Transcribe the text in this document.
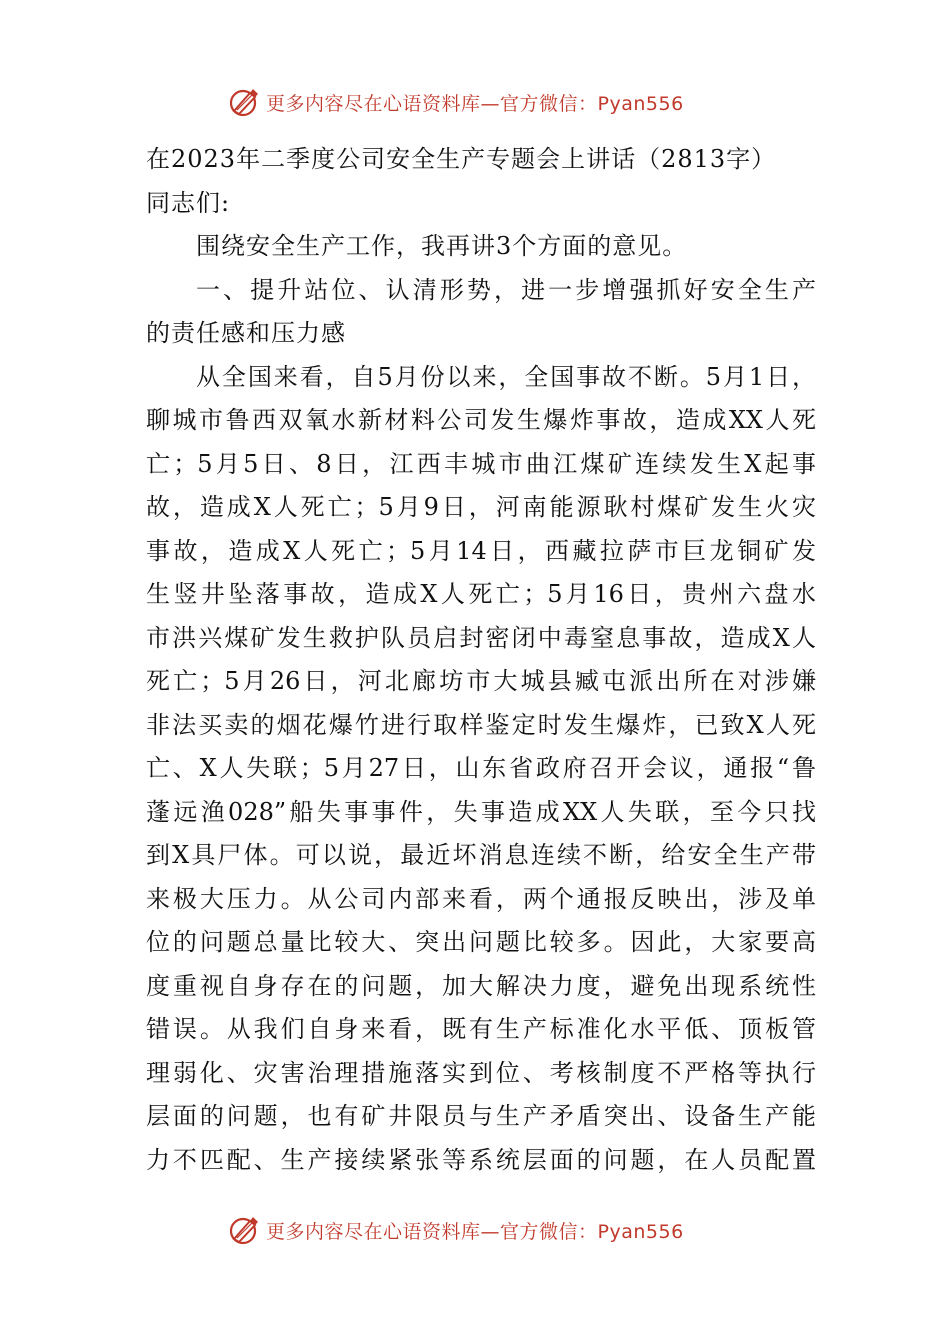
更多内容尽在心语资料库—官方微信：Pyan556
在2023年二季度公司安全生产专题会上讲话（2813字）
同志们:
围绕安全生产工作，我再讲3个方面的意见。
一、提升站位、认清形势，进一步增强抓好安全生产
的责任感和压力感
从全国来看，自5月份以来，全国事故不断。5月1日，
聊城市鲁西双氧水新材料公司发生爆炸事故，造成XX人死
亡；5月5日、8日，江西丰城市曲江煤矿连续发生X起事
故，造成X人死亡；5月9日，河南能源耿村煤矿发生火灾
事故，造成X人死亡；5月14日，西藏拉萨市巨龙铜矿发
生竖井坠落事故，造成X人死亡；5月16日，贵州六盘水
市洪兴煤矿发生救护队员启封密闭中毒窒息事故，造成X人
死亡；5月26日，河北廊坊市大城县臧屯派出所在对涉嫌
非法买卖的烟花爆竹进行取样鉴定时发生爆炸，已致X人死
亡、X人失联；5月27日，山东省政府召开会议，通报“鲁
蓬远渔028”船失事事件，失事造成XX人失联，至今只找
到X具尸体。可以说，最近坏消息连续不断，给安全生产带
来极大压力。从公司内部来看，两个通报反映出，涉及单
位的问题总量比较大、突出问题比较多。因此，大家要高
度重视自身存在的问题，加大解决力度，避免出现系统性
错误。从我们自身来看，既有生产标准化水平低、顶板管
理弱化、灾害治理措施落实到位、考核制度不严格等执行
层面的问题，也有矿井限员与生产矛盾突出、设备生产能
力不匹配、生产接续紧张等系统层面的问题，在人员配置
更多内容尽在心语资料库—官方微信：Pyan556
